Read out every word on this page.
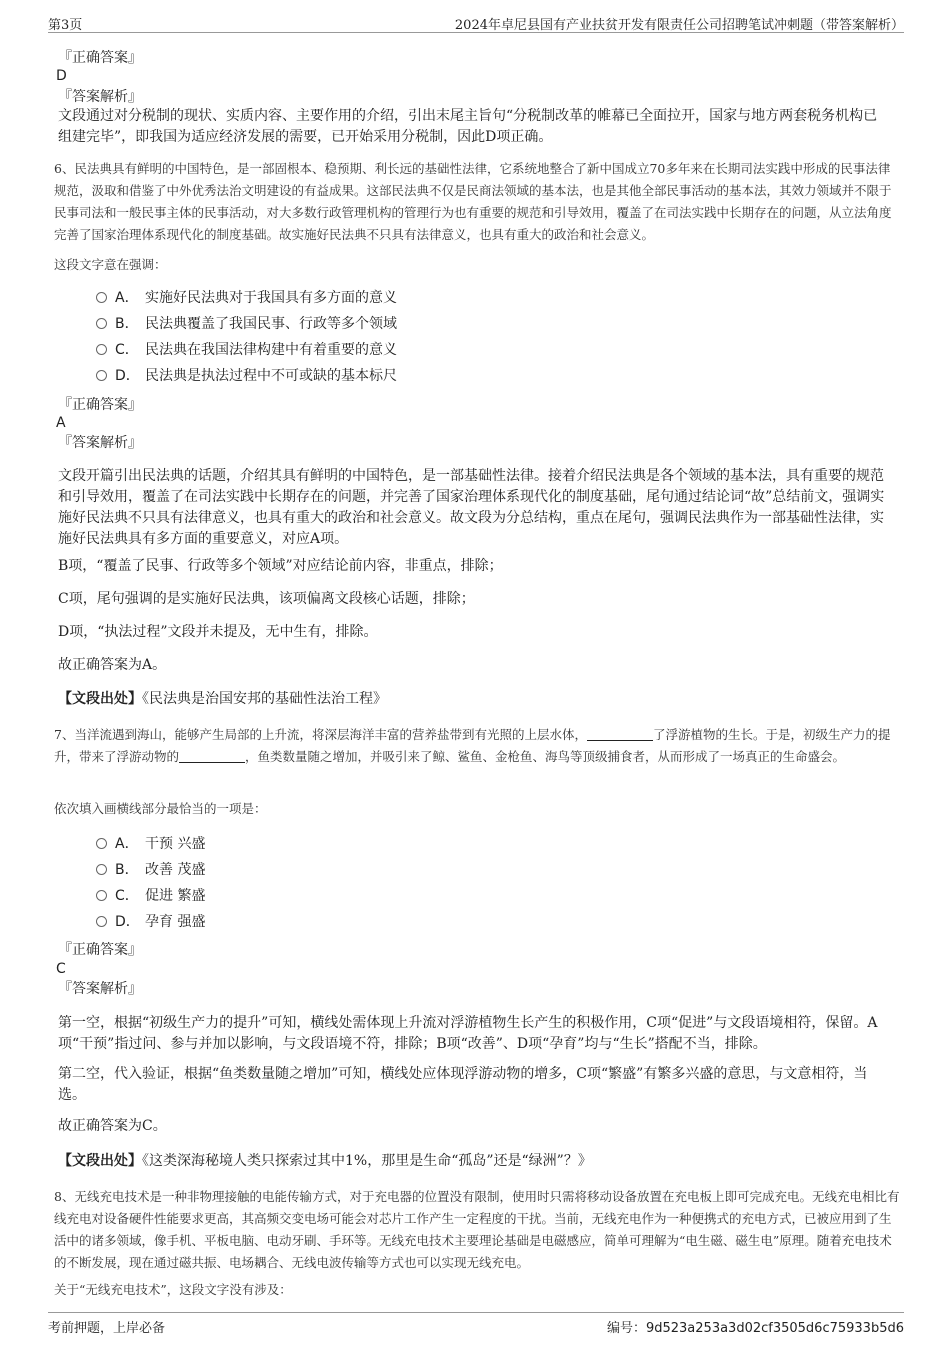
第3页	2024年卓尼县国有产业扶贫开发有限责任公司招聘笔试冲刺题（带答案解析）
『正确答案』
D
『答案解析』
文段通过对分税制的现状、实质内容、主要作用的介绍，引出末尾主旨句“分税制改革的帷幕已全面拉开，国家与地方两套税务机构已组建完毕”，即我国为适应经济发展的需要，已开始采用分税制，因此D项正确。
6、民法典具有鲜明的中国特色，是一部固根本、稳预期、利长远的基础性法律，它系统地整合了新中国成立70多年来在长期司法实践中形成的民事法律规范，汲取和借鉴了中外优秀法治文明建设的有益成果。这部民法典不仅是民商法领域的基本法，也是其他全部民事活动的基本法，其效力领域并不限于民事司法和一般民事主体的民事活动，对大多数行政管理机构的管理行为也有重要的规范和引导效用，覆盖了在司法实践中长期存在的问题，从立法角度完善了国家治理体系现代化的制度基础。故实施好民法典不只具有法律意义，也具有重大的政治和社会意义。
这段文字意在强调：
A． 实施好民法典对于我国具有多方面的意义
B． 民法典覆盖了我国民事、行政等多个领域
C． 民法典在我国法律构建中有着重要的意义
D． 民法典是执法过程中不可或缺的基本标尺
『正确答案』
A
『答案解析』
文段开篇引出民法典的话题，介绍其具有鲜明的中国特色，是一部基础性法律。接着介绍民法典是各个领域的基本法，具有重要的规范和引导效用，覆盖了在司法实践中长期存在的问题，并完善了国家治理体系现代化的制度基础，尾句通过结论词“故”总结前文，强调实施好民法典不只具有法律意义，也具有重大的政治和社会意义。故文段为分总结构，重点在尾句，强调民法典作为一部基础性法律，实施好民法典具有多方面的重要意义，对应A项。
B项，“覆盖了民事、行政等多个领域”对应结论前内容，非重点，排除；
C项，尾句强调的是实施好民法典，该项偏离文段核心话题，排除；
D项，“执法过程”文段并未提及，无中生有，排除。
故正确答案为A。
【文段出处】《民法典是治国安邦的基础性法治工程》
7、当洋流遇到海山，能够产生局部的上升流，将深层海洋丰富的营养盐带到有光照的上层水体，	了浮游植物的生长。于是，初级生产力的提升，带来了浮游动物的	，鱼类数量随之增加，并吸引来了鲸、鲨鱼、金枪鱼、海鸟等顶级捕食者，从而形成了一场真正的生命盛会。
依次填入画横线部分最恰当的一项是：
A． 干预 兴盛
B． 改善 茂盛
C． 促进 繁盛
D． 孕育 强盛
『正确答案』
C
『答案解析』
第一空，根据“初级生产力的提升”可知，横线处需体现上升流对浮游植物生长产生的积极作用，C项“促进”与文段语境相符，保留。A项“干预”指过问、参与并加以影响，与文段语境不符，排除；B项“改善”、D项“孕育”均与“生长”搭配不当，排除。
第二空，代入验证，根据“鱼类数量随之增加”可知，横线处应体现浮游动物的增多，C项“繁盛”有繁多兴盛的意思，与文意相符，当选。
故正确答案为C。
【文段出处】《这类深海秘境人类只探索过其中1%，那里是生命“孤岛”还是“绿洲”？》
8、无线充电技术是一种非物理接触的电能传输方式，对于充电器的位置没有限制，使用时只需将移动设备放置在充电板上即可完成充电。无线充电相比有线充电对设备硬件性能要求更高，其高频交变电场可能会对芯片工作产生一定程度的干扰。当前，无线充电作为一种便携式的充电方式，已被应用到了生活中的诸多领域，像手机、平板电脑、电动牙刷、手环等。无线充电技术主要理论基础是电磁感应，简单可理解为“电生磁、磁生电”原理。随着充电技术的不断发展，现在通过磁共振、电场耦合、无线电波传输等方式也可以实现无线充电。
关于“无线充电技术”，这段文字没有涉及：
考前押题，上岸必备	编号：9d523a253a3d02cf3505d6c75933b5d6
